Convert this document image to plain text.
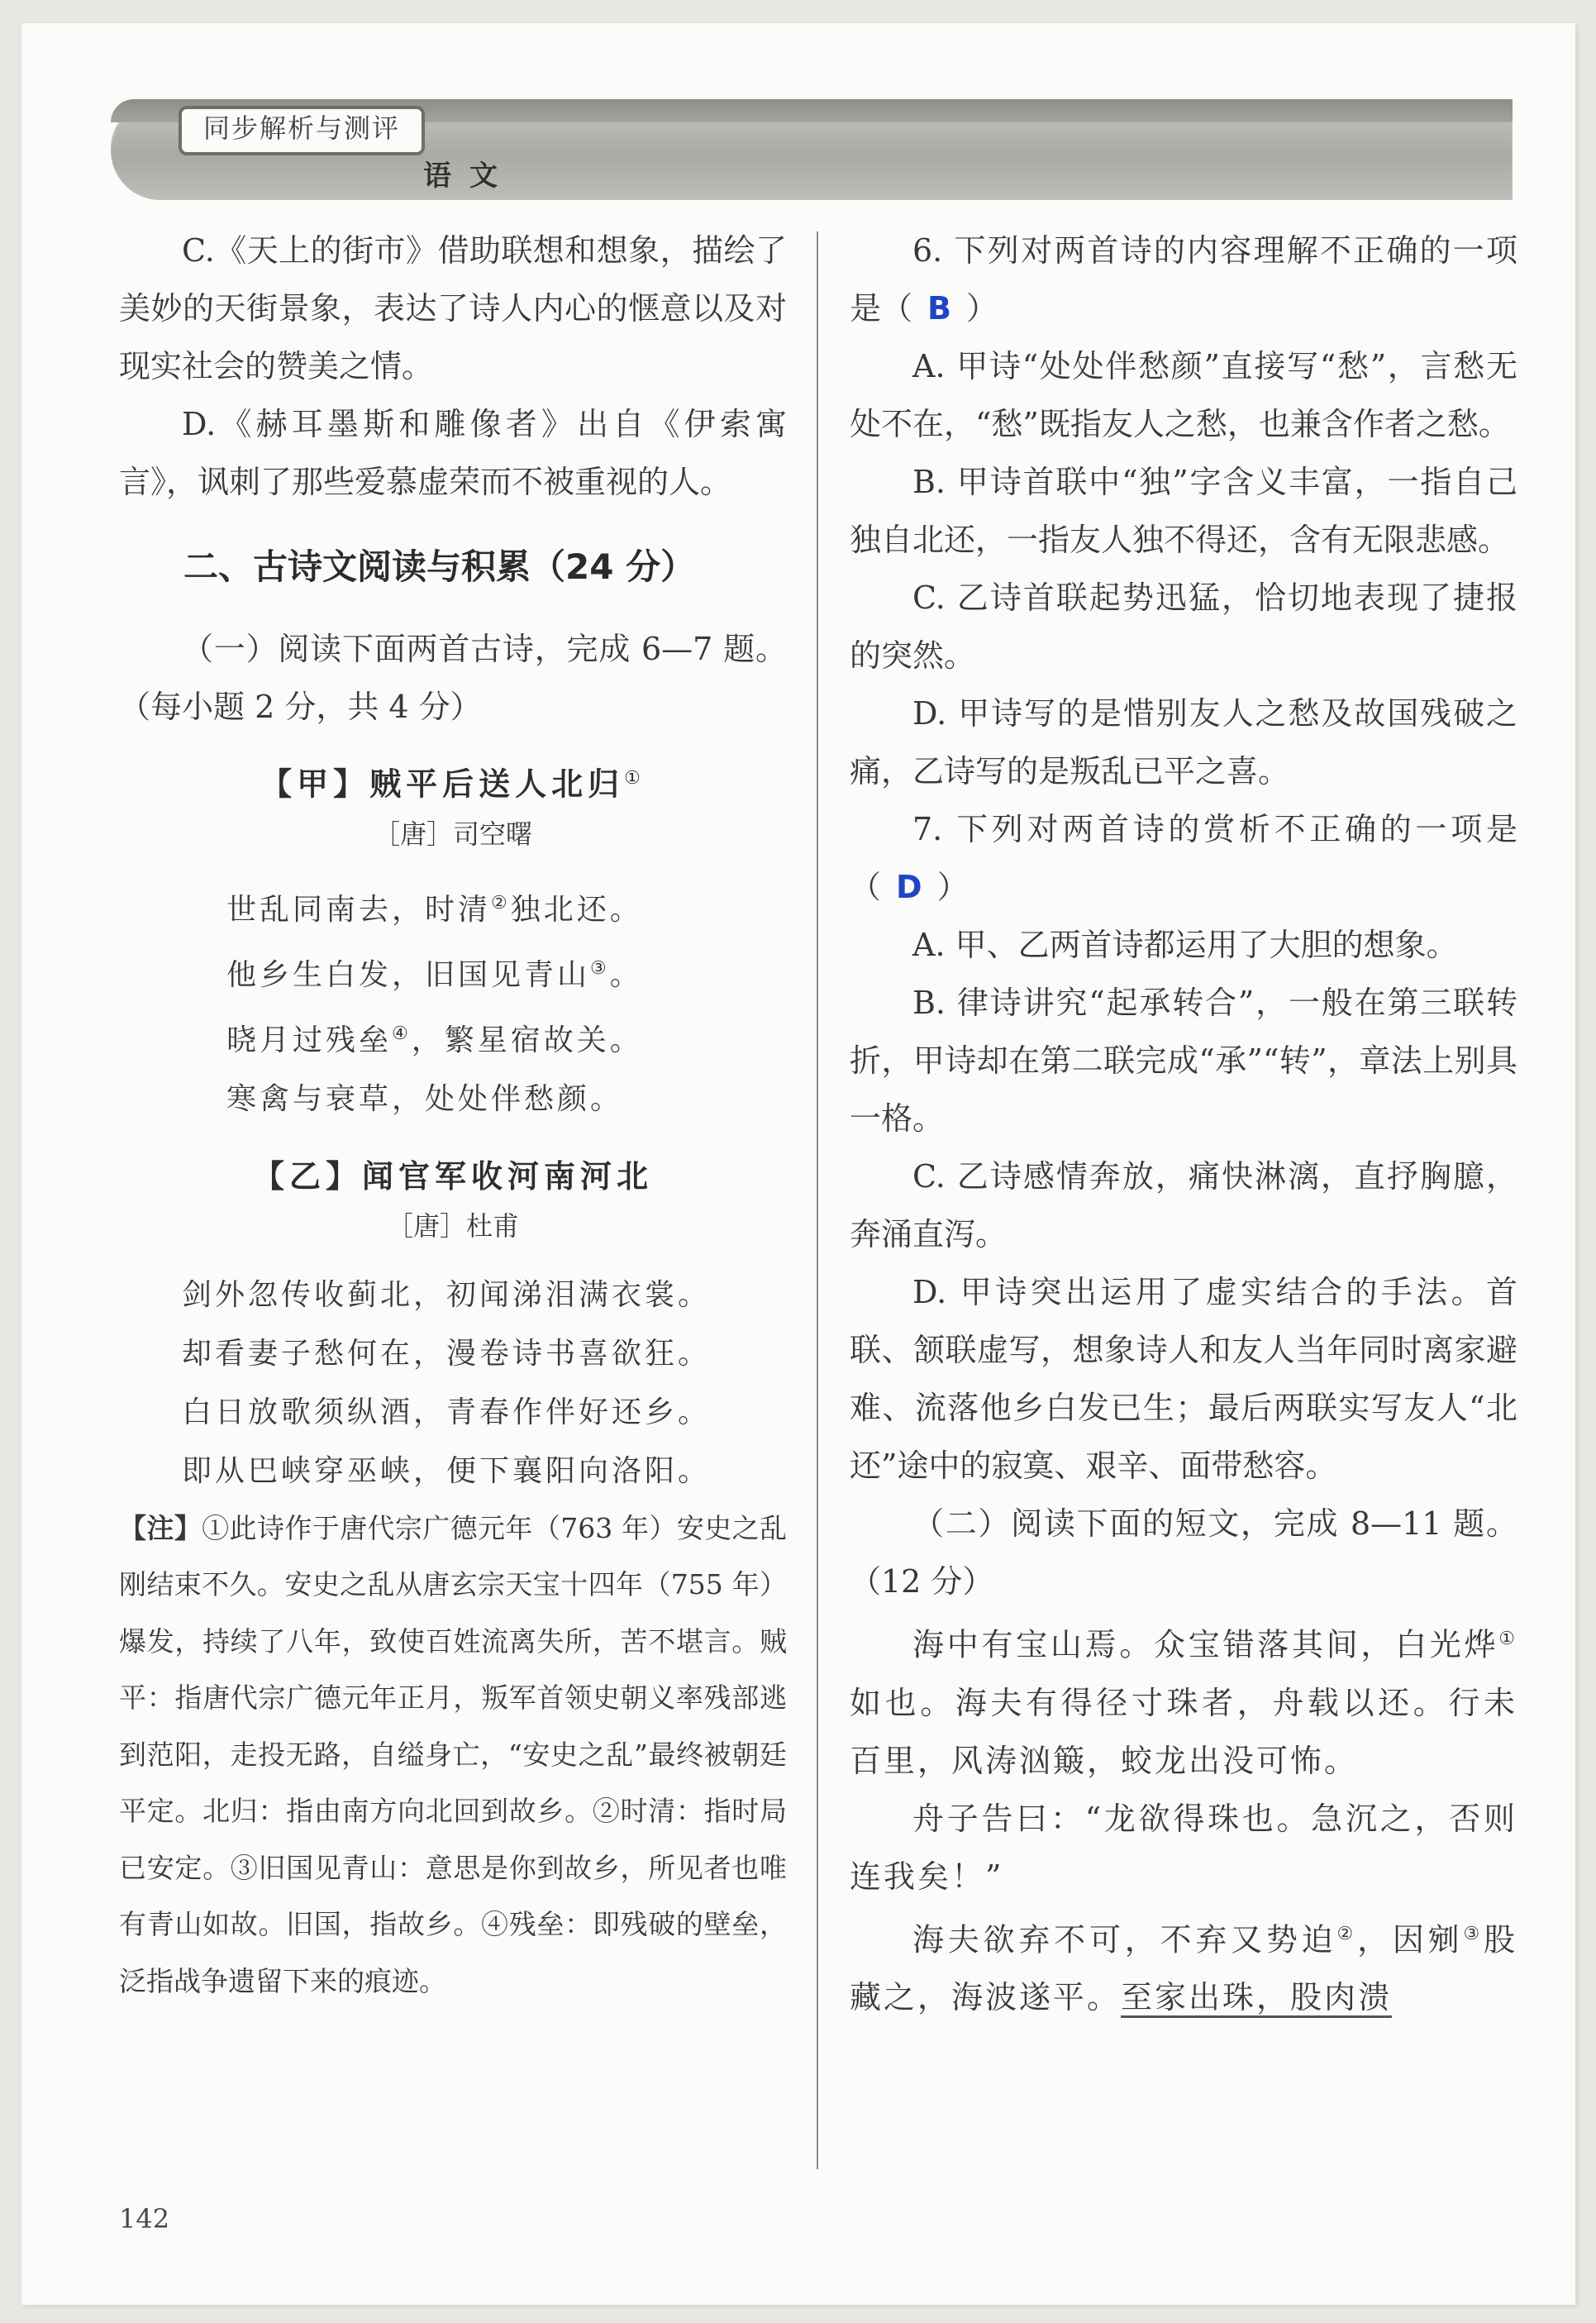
同步解析与测评
语文

C.《天上的街市》借助联想和想象，描绘了美妙的天街景象，表达了诗人内心的惬意以及对现实社会的赞美之情。

D.《赫耳墨斯和雕像者》出自《伊索寓言》，讽刺了那些爱慕虚荣而不被重视的人。

二、古诗文阅读与积累（24 分）

（一）阅读下面两首古诗，完成 6—7 题。（每小题 2 分，共 4 分）

【甲】贼平后送人北归①
［唐］司空曙
世乱同南去，时清②独北还。
他乡生白发，旧国见青山③。
晓月过残垒④，繁星宿故关。
寒禽与衰草，处处伴愁颜。
【乙】闻官军收河南河北
［唐］杜甫
剑外忽传收蓟北，初闻涕泪满衣裳。
却看妻子愁何在，漫卷诗书喜欲狂。
白日放歌须纵酒，青春作伴好还乡。
即从巴峡穿巫峡，便下襄阳向洛阳。

【注】①此诗作于唐代宗广德元年（763 年）安史之乱刚结束不久。安史之乱从唐玄宗天宝十四年（755 年）爆发，持续了八年，致使百姓流离失所，苦不堪言。贼平：指唐代宗广德元年正月，叛军首领史朝义率残部逃到范阳，走投无路，自缢身亡，“安史之乱”最终被朝廷平定。北归：指由南方向北回到故乡。②时清：指时局已安定。③旧国见青山：意思是你到故乡，所见者也唯有青山如故。旧国，指故乡。④残垒：即残破的壁垒，泛指战争遗留下来的痕迹。

6. 下列对两首诗的内容理解不正确的一项是（ B ）

A. 甲诗“处处伴愁颜”直接写“愁”，言愁无处不在，“愁”既指友人之愁，也兼含作者之愁。

B. 甲诗首联中“独”字含义丰富，一指自己独自北还，一指友人独不得还，含有无限悲感。

C. 乙诗首联起势迅猛，恰切地表现了捷报的突然。

D. 甲诗写的是惜别友人之愁及故国残破之痛，乙诗写的是叛乱已平之喜。

7. 下列对两首诗的赏析不正确的一项是（ D ）

A. 甲、乙两首诗都运用了大胆的想象。

B. 律诗讲究“起承转合”，一般在第三联转折，甲诗却在第二联完成“承”“转”，章法上别具一格。

C. 乙诗感情奔放，痛快淋漓，直抒胸臆，奔涌直泻。

D. 甲诗突出运用了虚实结合的手法。首联、颔联虚写，想象诗人和友人当年同时离家避难、流落他乡白发已生；最后两联实写友人“北还”途中的寂寞、艰辛、面带愁容。

（二）阅读下面的短文，完成 8—11 题。（12 分）

海中有宝山焉。众宝错落其间，白光烨①如也。海夫有得径寸珠者，舟载以还。行未百里，风涛汹簸，蛟龙出没可怖。

舟子告曰：“龙欲得珠也。急沉之，否则连我矣！”

海夫欲弃不可，不弃又势迫②，因剜③股藏之，海波遂平。至家出珠，股肉溃

142
